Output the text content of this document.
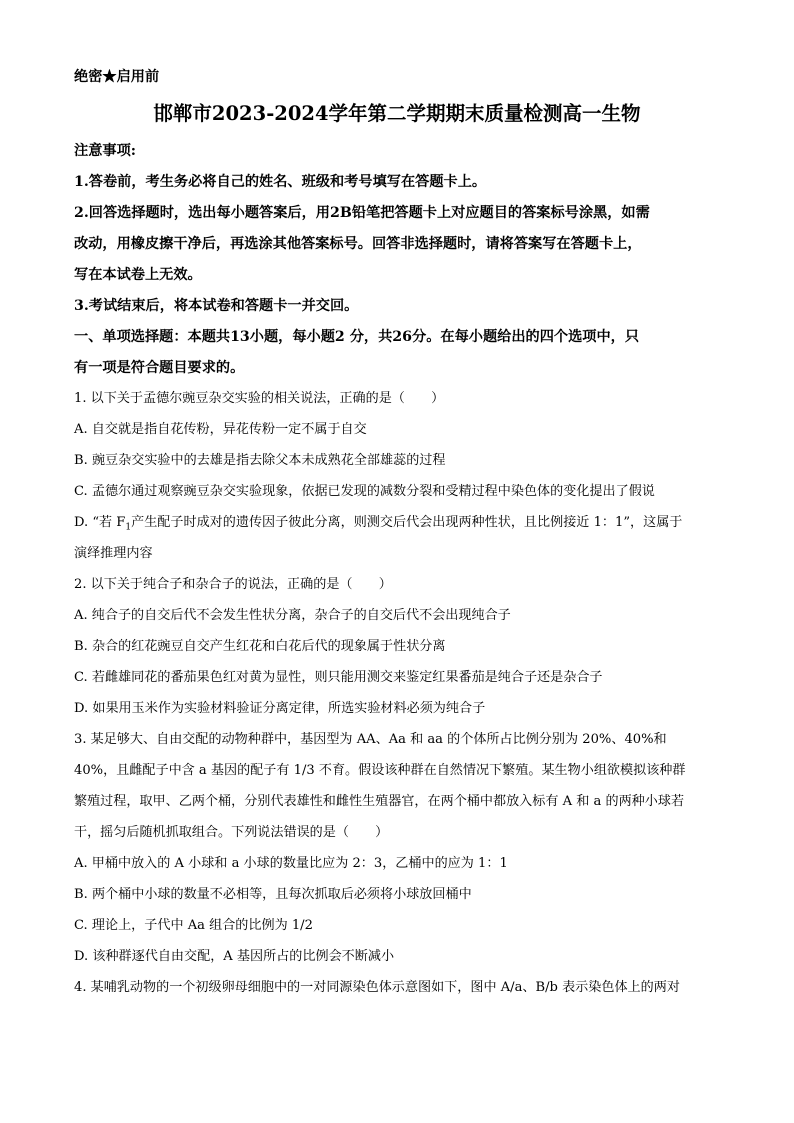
绝密★启用前
邯郸市2023-2024学年第二学期期末质量检测高一生物
注意事项:
1.答卷前，考生务必将自己的姓名、班级和考号填写在答题卡上。
2.回答选择题时，选出每小题答案后，用2B铅笔把答题卡上对应题目的答案标号涂黑，如需
改动，用橡皮擦干净后，再选涂其他答案标号。回答非选择题时，请将答案写在答题卡上，
写在本试卷上无效。
3.考试结束后，将本试卷和答题卡一并交回。
一、单项选择题：本题共13小题，每小题2 分，共26分。在每小题给出的四个选项中，只
有一项是符合题目要求的。
1. 以下关于孟德尔豌豆杂交实验的相关说法，正确的是（　　）
A. 自交就是指自花传粉，异花传粉一定不属于自交
B. 豌豆杂交实验中的去雄是指去除父本未成熟花全部雄蕊的过程
C. 孟德尔通过观察豌豆杂交实验现象，依据已发现的减数分裂和受精过程中染色体的变化提出了假说
D. “若 $F_1$产生配子时成对的遗传因子彼此分离，则测交后代会出现两种性状，且比例接近 1：1”，这属于
演绎推理内容
2. 以下关于纯合子和杂合子的说法，正确的是（　　）
A. 纯合子的自交后代不会发生性状分离，杂合子的自交后代不会出现纯合子
B. 杂合的红花豌豆自交产生红花和白花后代的现象属于性状分离
C. 若雌雄同花的番茄果色红对黄为显性，则只能用测交来鉴定红果番茄是纯合子还是杂合子
D. 如果用玉米作为实验材料验证分离定律，所选实验材料必须为纯合子
3. 某足够大、自由交配的动物种群中，基因型为 AA、Aa 和 aa 的个体所占比例分别为 20%、40%和
40%，且雌配子中含 a 基因的配子有 1/3 不育。假设该种群在自然情况下繁殖。某生物小组欲模拟该种群
繁殖过程，取甲、乙两个桶，分别代表雄性和雌性生殖器官，在两个桶中都放入标有 A 和 a 的两种小球若
干，摇匀后随机抓取组合。下列说法错误的是（　　）
A. 甲桶中放入的 A 小球和 a 小球的数量比应为 2：3，乙桶中的应为 1：1
B. 两个桶中小球的数量不必相等，且每次抓取后必须将小球放回桶中
C. 理论上，子代中 Aa 组合的比例为 1/2
D. 该种群逐代自由交配，A 基因所占的比例会不断减小
4. 某哺乳动物的一个初级卵母细胞中的一对同源染色体示意图如下，图中 A/a、B/b 表示染色体上的两对
